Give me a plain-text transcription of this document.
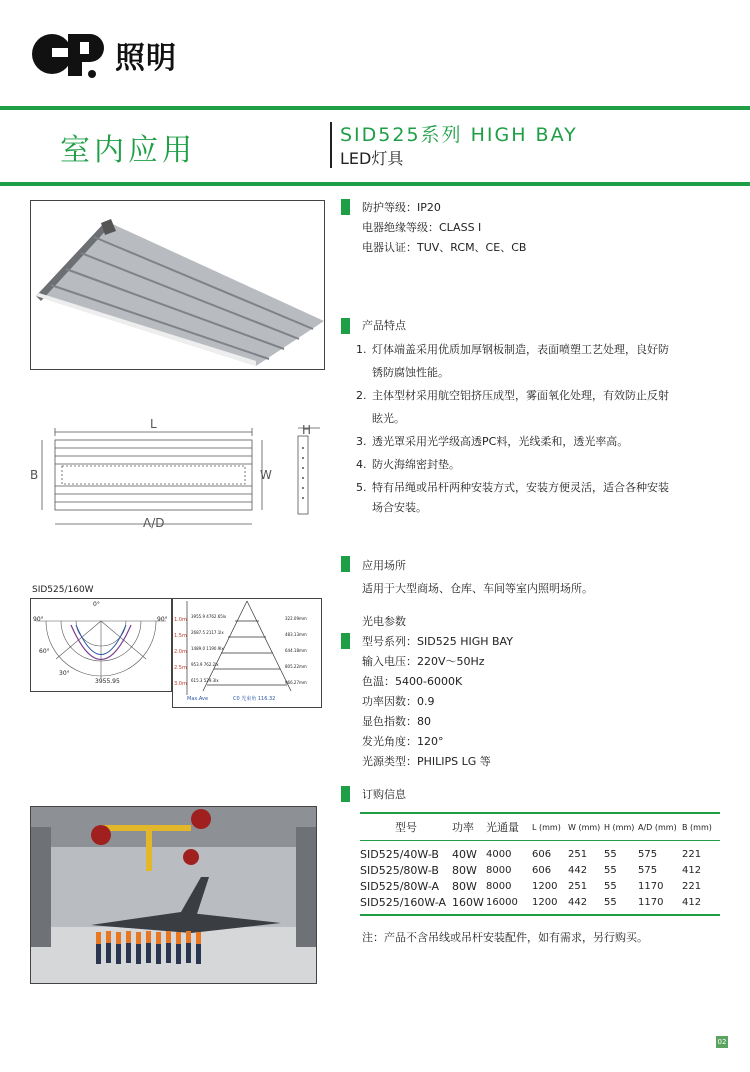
照明
室内应用	SID525系列 HIGH BAY
LED灯具
L
B
A/D
W
H
SID525/160W
90°	90°
60°
30°
0°
3955.95
1.0m
1.5m
2.0m
2.5m
3.0m
3955.9 4762.65lx
2687.5 2117.1lx
1489.0 1190.9lx
953.9 762.2lx
615.3 529.3lx
322.09mm
483.13mm
644.18mm
805.22mm
966.27mm
Max.Ave	C0 光束角 116.32
防护等级：IP20
电器绝缘等级：CLASS Ⅰ
电器认证：TUV、RCM、CE、CB
产品特点
1. 灯体端盖采用优质加厚钢板制造，表面喷塑工艺处理，良好防
锈防腐蚀性能。
2. 主体型材采用航空铝挤压成型，雾面氧化处理，有效防止反射
眩光。
3. 透光罩采用光学级高透PC料，光线柔和，透光率高。
4. 防火海绵密封垫。
5. 特有吊绳或吊杆两种安装方式，安装方便灵活，适合各种安装
场合安装。
应用场所
适用于大型商场、仓库、车间等室内照明场所。
光电参数
型号系列：SID525 HIGH BAY
输入电压：220V～50Hz
色温：5400-6000K
功率因数：0.9
显色指数：80
发光角度：120°
光源类型：PHILIPS LG 等
订购信息
型号	功率	光通量	L (mm)	W (mm)	H (mm)	A/D (mm)	B (mm)
SID525/40W-B	40W	4000	606	251	55	575	221
SID525/80W-B	80W	8000	606	442	55	575	412
SID525/80W-A	80W	8000	1200	251	55	1170	221
SID525/160W-A	160W	16000	1200	442	55	1170	412
注：产品不含吊线或吊杆安装配件，如有需求，另行购买。
02
